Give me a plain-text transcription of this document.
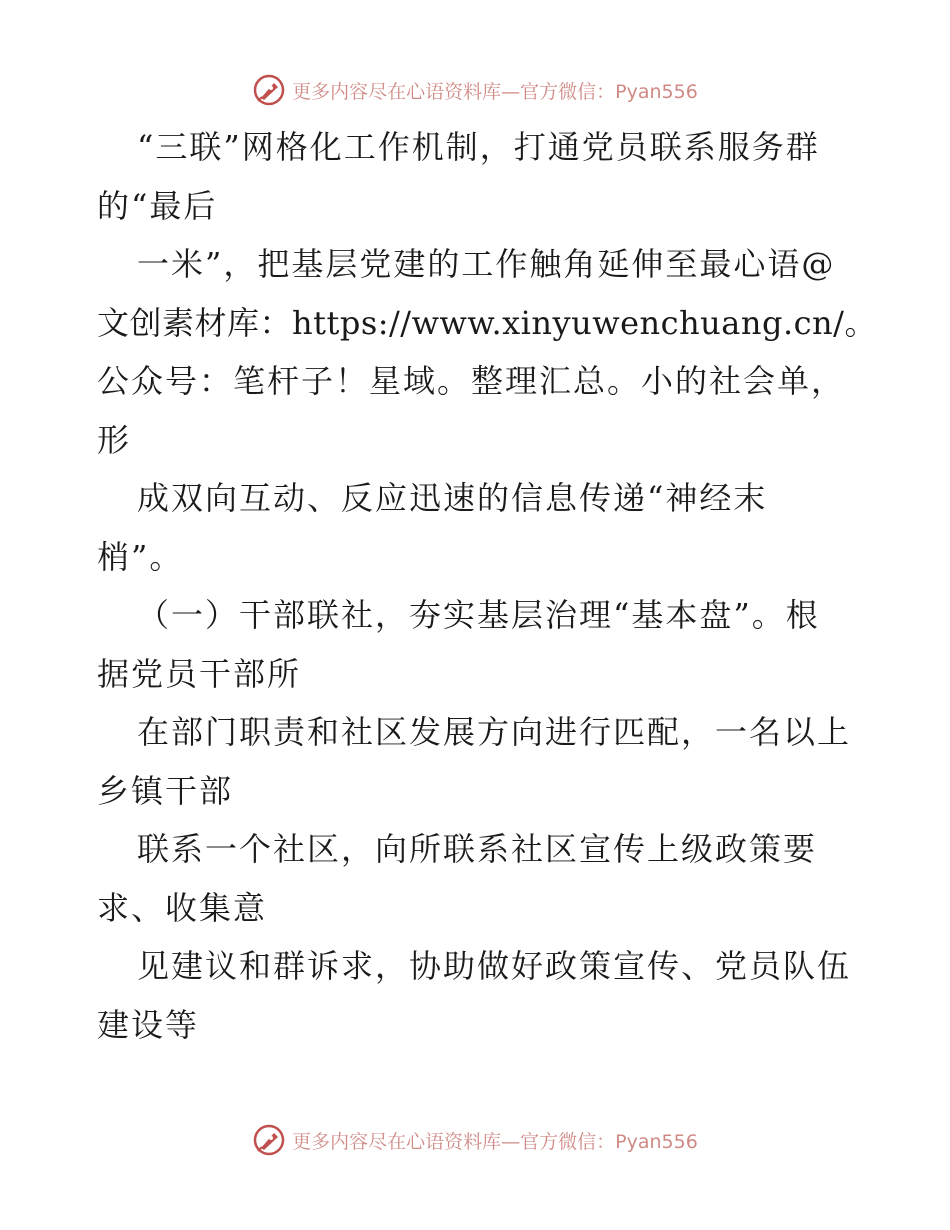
更多内容尽在心语资料库—官方微信：Pyan556
“三联”网格化工作机制，打通党员联系服务群
的“最后
一米”，把基层党建的工作触角延伸至最心语@
文创素材库：https://www.xinyuwenchuang.cn/。
公众号：笔杆子！星域。整理汇总。小的社会单，
形
成双向互动、反应迅速的信息传递“神经末
梢”。
（一）干部联社，夯实基层治理“基本盘”。根
据党员干部所
在部门职责和社区发展方向进行匹配，一名以上
乡镇干部
联系一个社区，向所联系社区宣传上级政策要
求、收集意
见建议和群诉求，协助做好政策宣传、党员队伍
建设等
更多内容尽在心语资料库—官方微信：Pyan556
